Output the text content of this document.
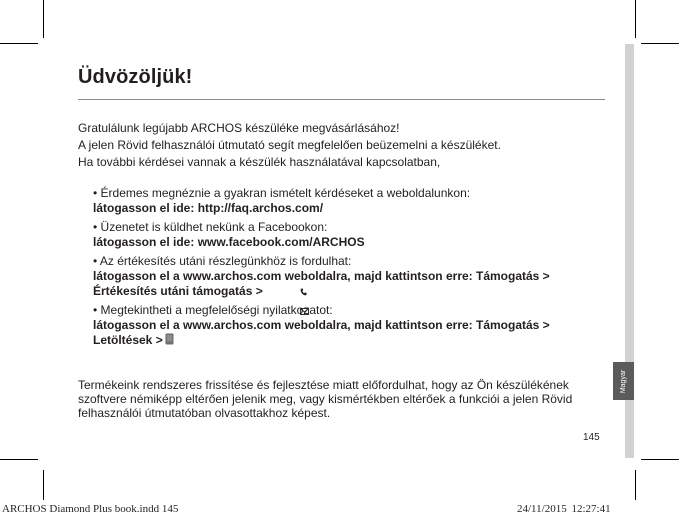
Üdvözöljük!
Gratulálunk legújabb ARCHOS készüléke megvásárlásához!
A jelen Rövid felhasználói útmutató segít megfelelően beüzemelni a készüléket.
Ha további kérdései vannak a készülék használatával kapcsolatban,
• Érdemes megnéznie a gyakran ismételt kérdéseket a weboldalunkon:
látogasson el ide: http://faq.archos.com/
• Üzenetet is küldhet nekünk a Facebookon:
látogasson el ide: www.facebook.com/ARCHOS
• Az értékesítés utáni részlegünkhöz is fordulhat:
látogasson el a www.archos.com weboldalra, majd kattintson erre: Támogatás > Értékesítés utáni támogatás >
• Megtekintheti a megfelelőségi nyilatkozatot:
látogasson el a www.archos.com weboldalra, majd kattintson erre: Támogatás > Letöltések >
Termékeink rendszeres frissítése és fejlesztése miatt előfordulhat, hogy az Ön készülékének szoftvere némiképp eltérően jelenik meg, vagy kismértékben eltérőek a funkciói a jelen Rövid felhasználói útmutatóban olvasottakhoz képest.
145
Magyar
ARCHOS Diamond Plus book.indd 145	24/11/2015 12:27:41
